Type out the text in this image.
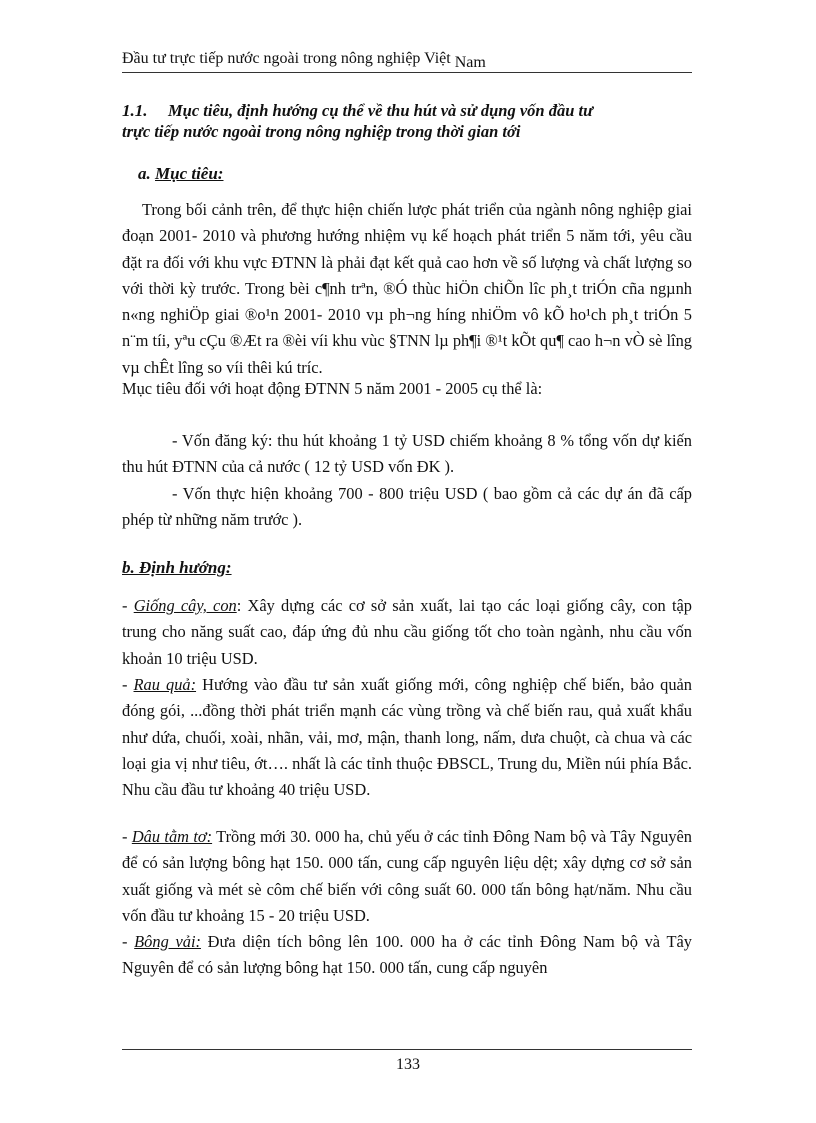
Đầu tư trực tiếp nước ngoài trong nông nghiệp Việt Nam
1.1. Mục tiêu, định hướng cụ thể về thu hút và sử dụng vốn đầu tư
trực tiếp nước ngoài trong nông nghiệp trong thời gian tới
a. Mục tiêu:

Trong bối cảnh trên, để thực hiện chiến lược phát triển của ngành nông nghiệp giai đoạn 2001- 2010 và phương hướng nhiệm vụ kế hoạch phát triển 5 năm tới, yêu cầu đặt ra đối với khu vực ĐTNN là phải đạt kết quả cao hơn về số lượng và chất lượng so với thời kỳ trước. Trong bèi c¶nh trªn, ®Ó thùc hiÖn chiÕn lîc ph¸t triÓn cña ngµnh n«ng nghiÖp giai ®o¹n 2001- 2010 vµ ph¬ng híng nhiÖm vô kÕ ho¹ch ph¸t triÓn 5 n¨m tíi, yªu cÇu ®Æt ra ®èi víi khu vùc §TNN lµ ph¶i ®¹t kÕt qu¶ cao h¬n vÒ sè lîng vµ chÊt lîng so víi thêi kú tríc.

Mục tiêu đối với hoạt động ĐTNN 5 năm 2001 - 2005 cụ thể là:

- Vốn đăng ký: thu hút khoảng 1 tỷ USD chiếm khoảng 8 % tổng vốn dự kiến thu hút ĐTNN của cả nước ( 12 tỷ USD vốn ĐK ).

- Vốn thực hiện khoảng 700 - 800 triệu USD ( bao gồm cả các dự án đã cấp phép từ những năm trước ).

b. Định hướng:

- Giống cây, con: Xây dựng các cơ sở sản xuất, lai tạo các loại giống cây, con tập trung cho năng suất cao, đáp ứng đủ nhu cầu giống tốt cho toàn ngành, nhu cầu vốn khoản 10 triệu USD.

- Rau quả: Hướng vào đầu tư sản xuất giống mới, công nghiệp chế biến, bảo quản đóng gói, ...đồng thời phát triển mạnh các vùng trồng và chế biến rau, quả xuất khẩu như dứa, chuối, xoài, nhãn, vải, mơ, mận, thanh long, nấm, dưa chuột, cà chua và các loại gia vị như tiêu, ớt…. nhất là các tỉnh thuộc ĐBSCL, Trung du, Miền núi phía Bắc. Nhu cầu đầu tư khoảng 40 triệu USD.

- Dâu tằm tơ: Trồng mới 30. 000 ha, chủ yếu ở các tỉnh Đông Nam bộ và Tây Nguyên để có sản lượng bông hạt 150. 000 tấn, cung cấp nguyên liệu dệt; xây dựng cơ sở sản xuất giống và mét sè côm chế biến với công suất 60. 000 tấn bông hạt/năm. Nhu cầu vốn đầu tư khoảng 15 - 20 triệu USD.

- Bông vải: Đưa diện tích bông lên 100. 000 ha ở các tỉnh Đông Nam bộ và Tây Nguyên để có sản lượng bông hạt 150. 000 tấn, cung cấp nguyên

133
